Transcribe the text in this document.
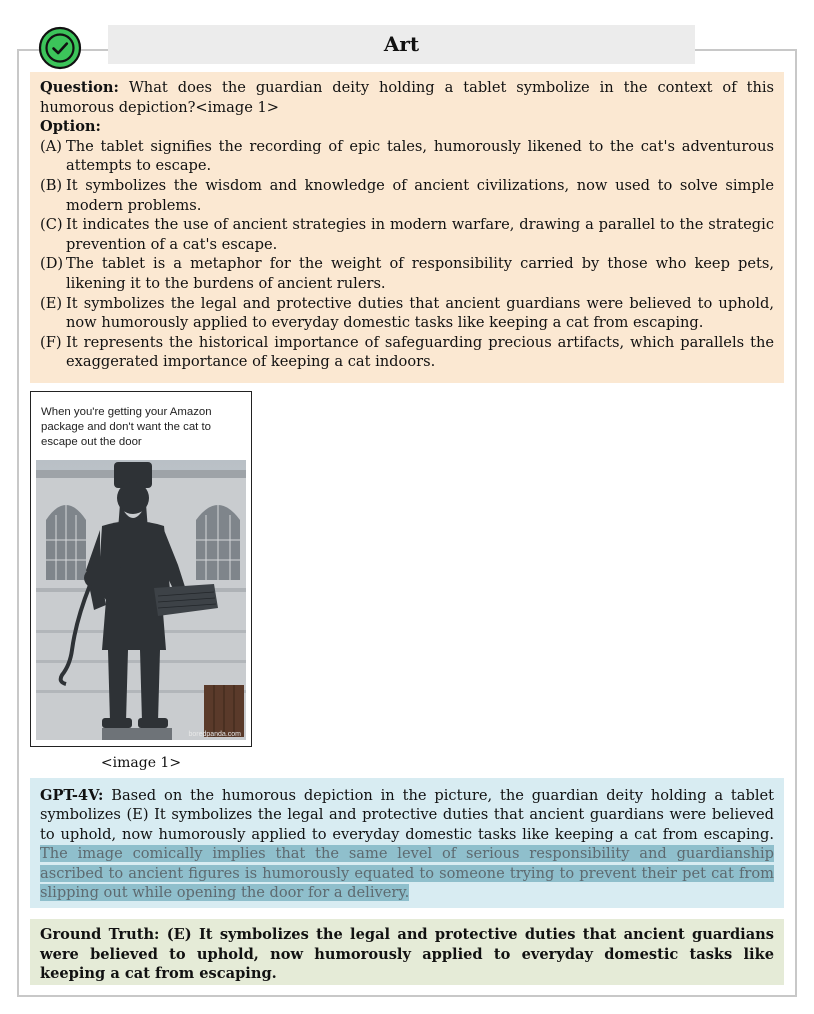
Art

Question: What does the guardian deity holding a tablet symbolize in the context of this humorous depiction?<image 1>

Option:

(A) The tablet signifies the recording of epic tales, humorously likened to the cat's adventurous attempts to escape.
(B) It symbolizes the wisdom and knowledge of ancient civilizations, now used to solve simple modern problems.
(C) It indicates the use of ancient strategies in modern warfare, drawing a parallel to the strategic prevention of a cat's escape.
(D) The tablet is a metaphor for the weight of responsibility carried by those who keep pets, likening it to the burdens of ancient rulers.
(E) It symbolizes the legal and protective duties that ancient guardians were believed to uphold, now humorously applied to everyday domestic tasks like keeping a cat from escaping.
(F) It represents the historical importance of safeguarding precious artifacts, which parallels the exaggerated importance of keeping a cat indoors.
When you're getting your Amazon package and don't want the cat to escape out the door
boredpanda.com
<image 1>
GPT-4V: Based on the humorous depiction in the picture, the guardian deity holding a tablet symbolizes (E) It symbolizes the legal and protective duties that ancient guardians were believed to uphold, now humorously applied to everyday domestic tasks like keeping a cat from escaping. The image comically implies that the same level of serious responsibility and guardianship ascribed to ancient figures is humorously equated to someone trying to prevent their pet cat from slipping out while opening the door for a delivery.
Ground Truth: (E) It symbolizes the legal and protective duties that ancient guardians were believed to uphold, now humorously applied to everyday domestic tasks like keeping a cat from escaping.
